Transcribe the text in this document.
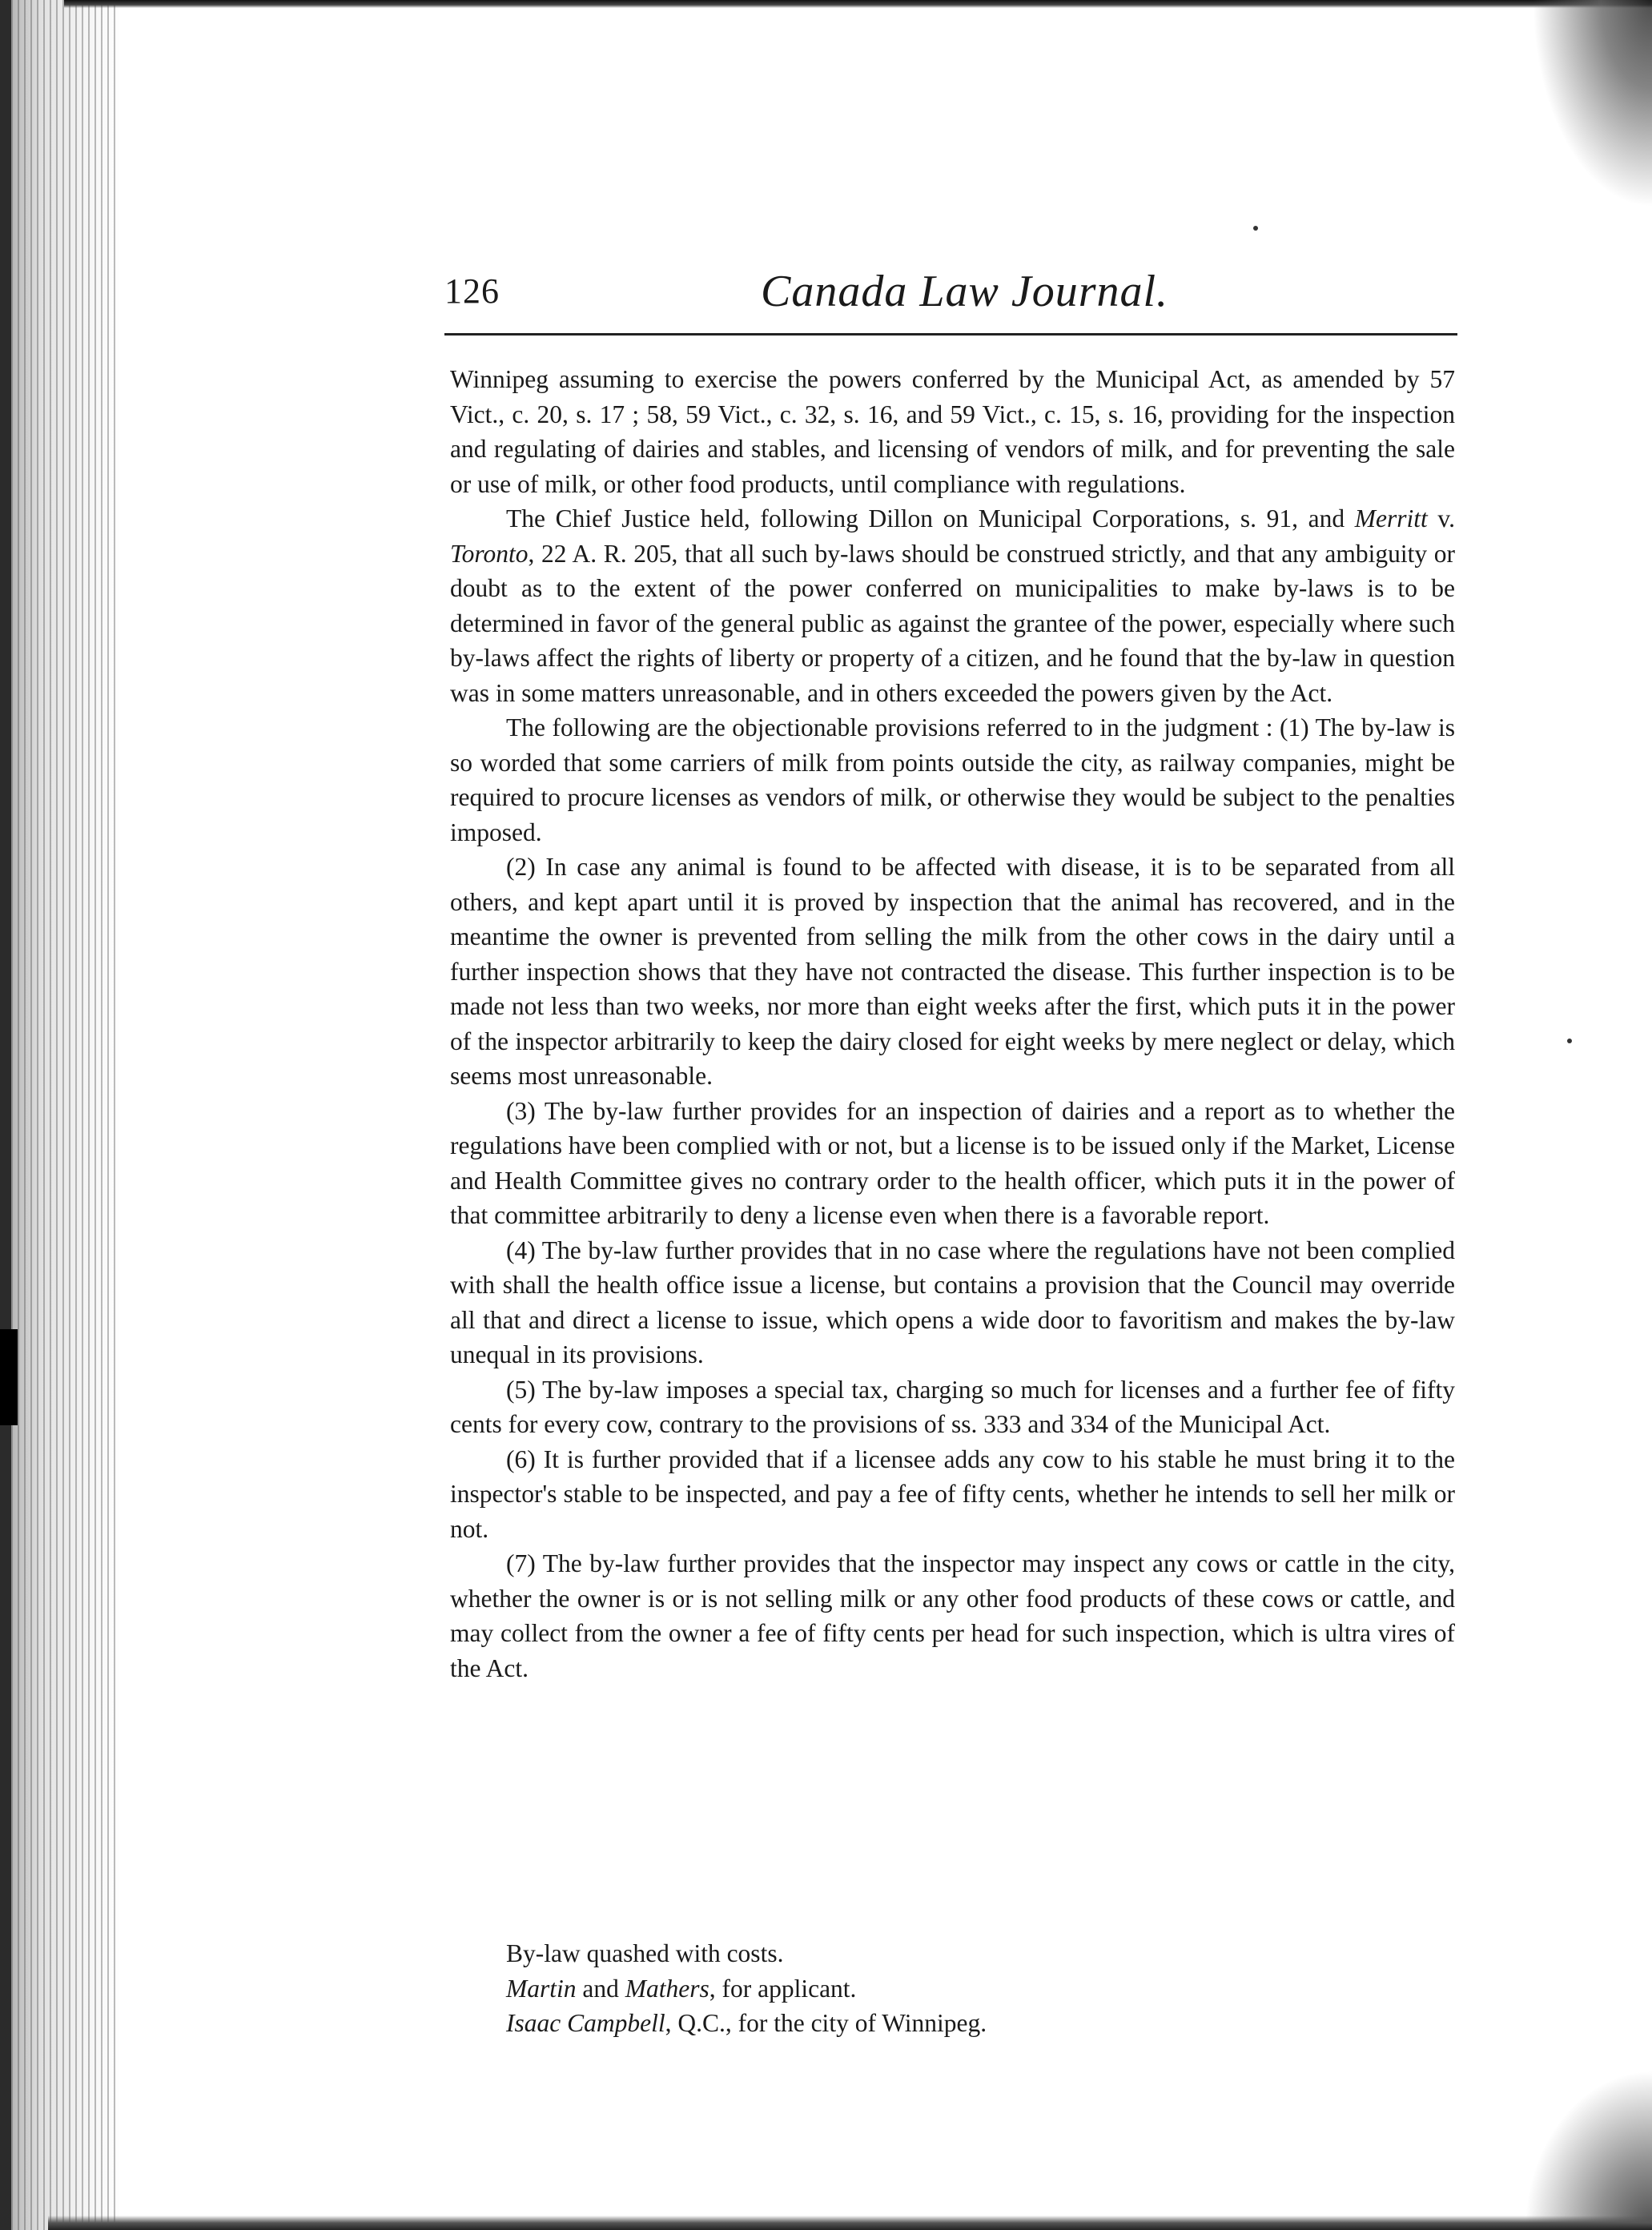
126	Canada Law Journal.

Winnipeg assuming to exercise the powers conferred by the Municipal Act, as amended by 57 Vict., c. 20, s. 17 ; 58, 59 Vict., c. 32, s. 16, and 59 Vict., c. 15, s. 16, providing for the inspection and regulating of dairies and stables, and licensing of vendors of milk, and for preventing the sale or use of milk, or other food products, until compliance with regulations.

The Chief Justice held, following Dillon on Municipal Corporations, s. 91, and Merritt v. Toronto, 22 A. R. 205, that all such by-laws should be construed strictly, and that any ambiguity or doubt as to the extent of the power conferred on municipalities to make by-laws is to be determined in favor of the general public as against the grantee of the power, especially where such by-laws affect the rights of liberty or property of a citizen, and he found that the by-law in question was in some matters unreasonable, and in others exceeded the powers given by the Act.

The following are the objectionable provisions referred to in the judgment : (1) The by-law is so worded that some carriers of milk from points outside the city, as railway companies, might be required to procure licenses as vendors of milk, or otherwise they would be subject to the penalties imposed.

(2) In case any animal is found to be affected with disease, it is to be separated from all others, and kept apart until it is proved by inspection that the animal has recovered, and in the meantime the owner is prevented from selling the milk from the other cows in the dairy until a further inspection shows that they have not contracted the disease. This further inspection is to be made not less than two weeks, nor more than eight weeks after the first, which puts it in the power of the inspector arbitrarily to keep the dairy closed for eight weeks by mere neglect or delay, which seems most unreasonable.

(3) The by-law further provides for an inspection of dairies and a report as to whether the regulations have been complied with or not, but a license is to be issued only if the Market, License and Health Committee gives no contrary order to the health officer, which puts it in the power of that committee arbitrarily to deny a license even when there is a favorable report.

(4) The by-law further provides that in no case where the regulations have not been complied with shall the health office issue a license, but contains a provision that the Council may override all that and direct a license to issue, which opens a wide door to favoritism and makes the by-law unequal in its provisions.

(5) The by-law imposes a special tax, charging so much for licenses and a further fee of fifty cents for every cow, contrary to the provisions of ss. 333 and 334 of the Municipal Act.

(6) It is further provided that if a licensee adds any cow to his stable he must bring it to the inspector's stable to be inspected, and pay a fee of fifty cents, whether he intends to sell her milk or not.

(7) The by-law further provides that the inspector may inspect any cows or cattle in the city, whether the owner is or is not selling milk or any other food products of these cows or cattle, and may collect from the owner a fee of fifty cents per head for such inspection, which is ultra vires of the Act.

By-law quashed with costs.
Martin and Mathers, for applicant.
Isaac Campbell, Q.C., for the city of Winnipeg.
